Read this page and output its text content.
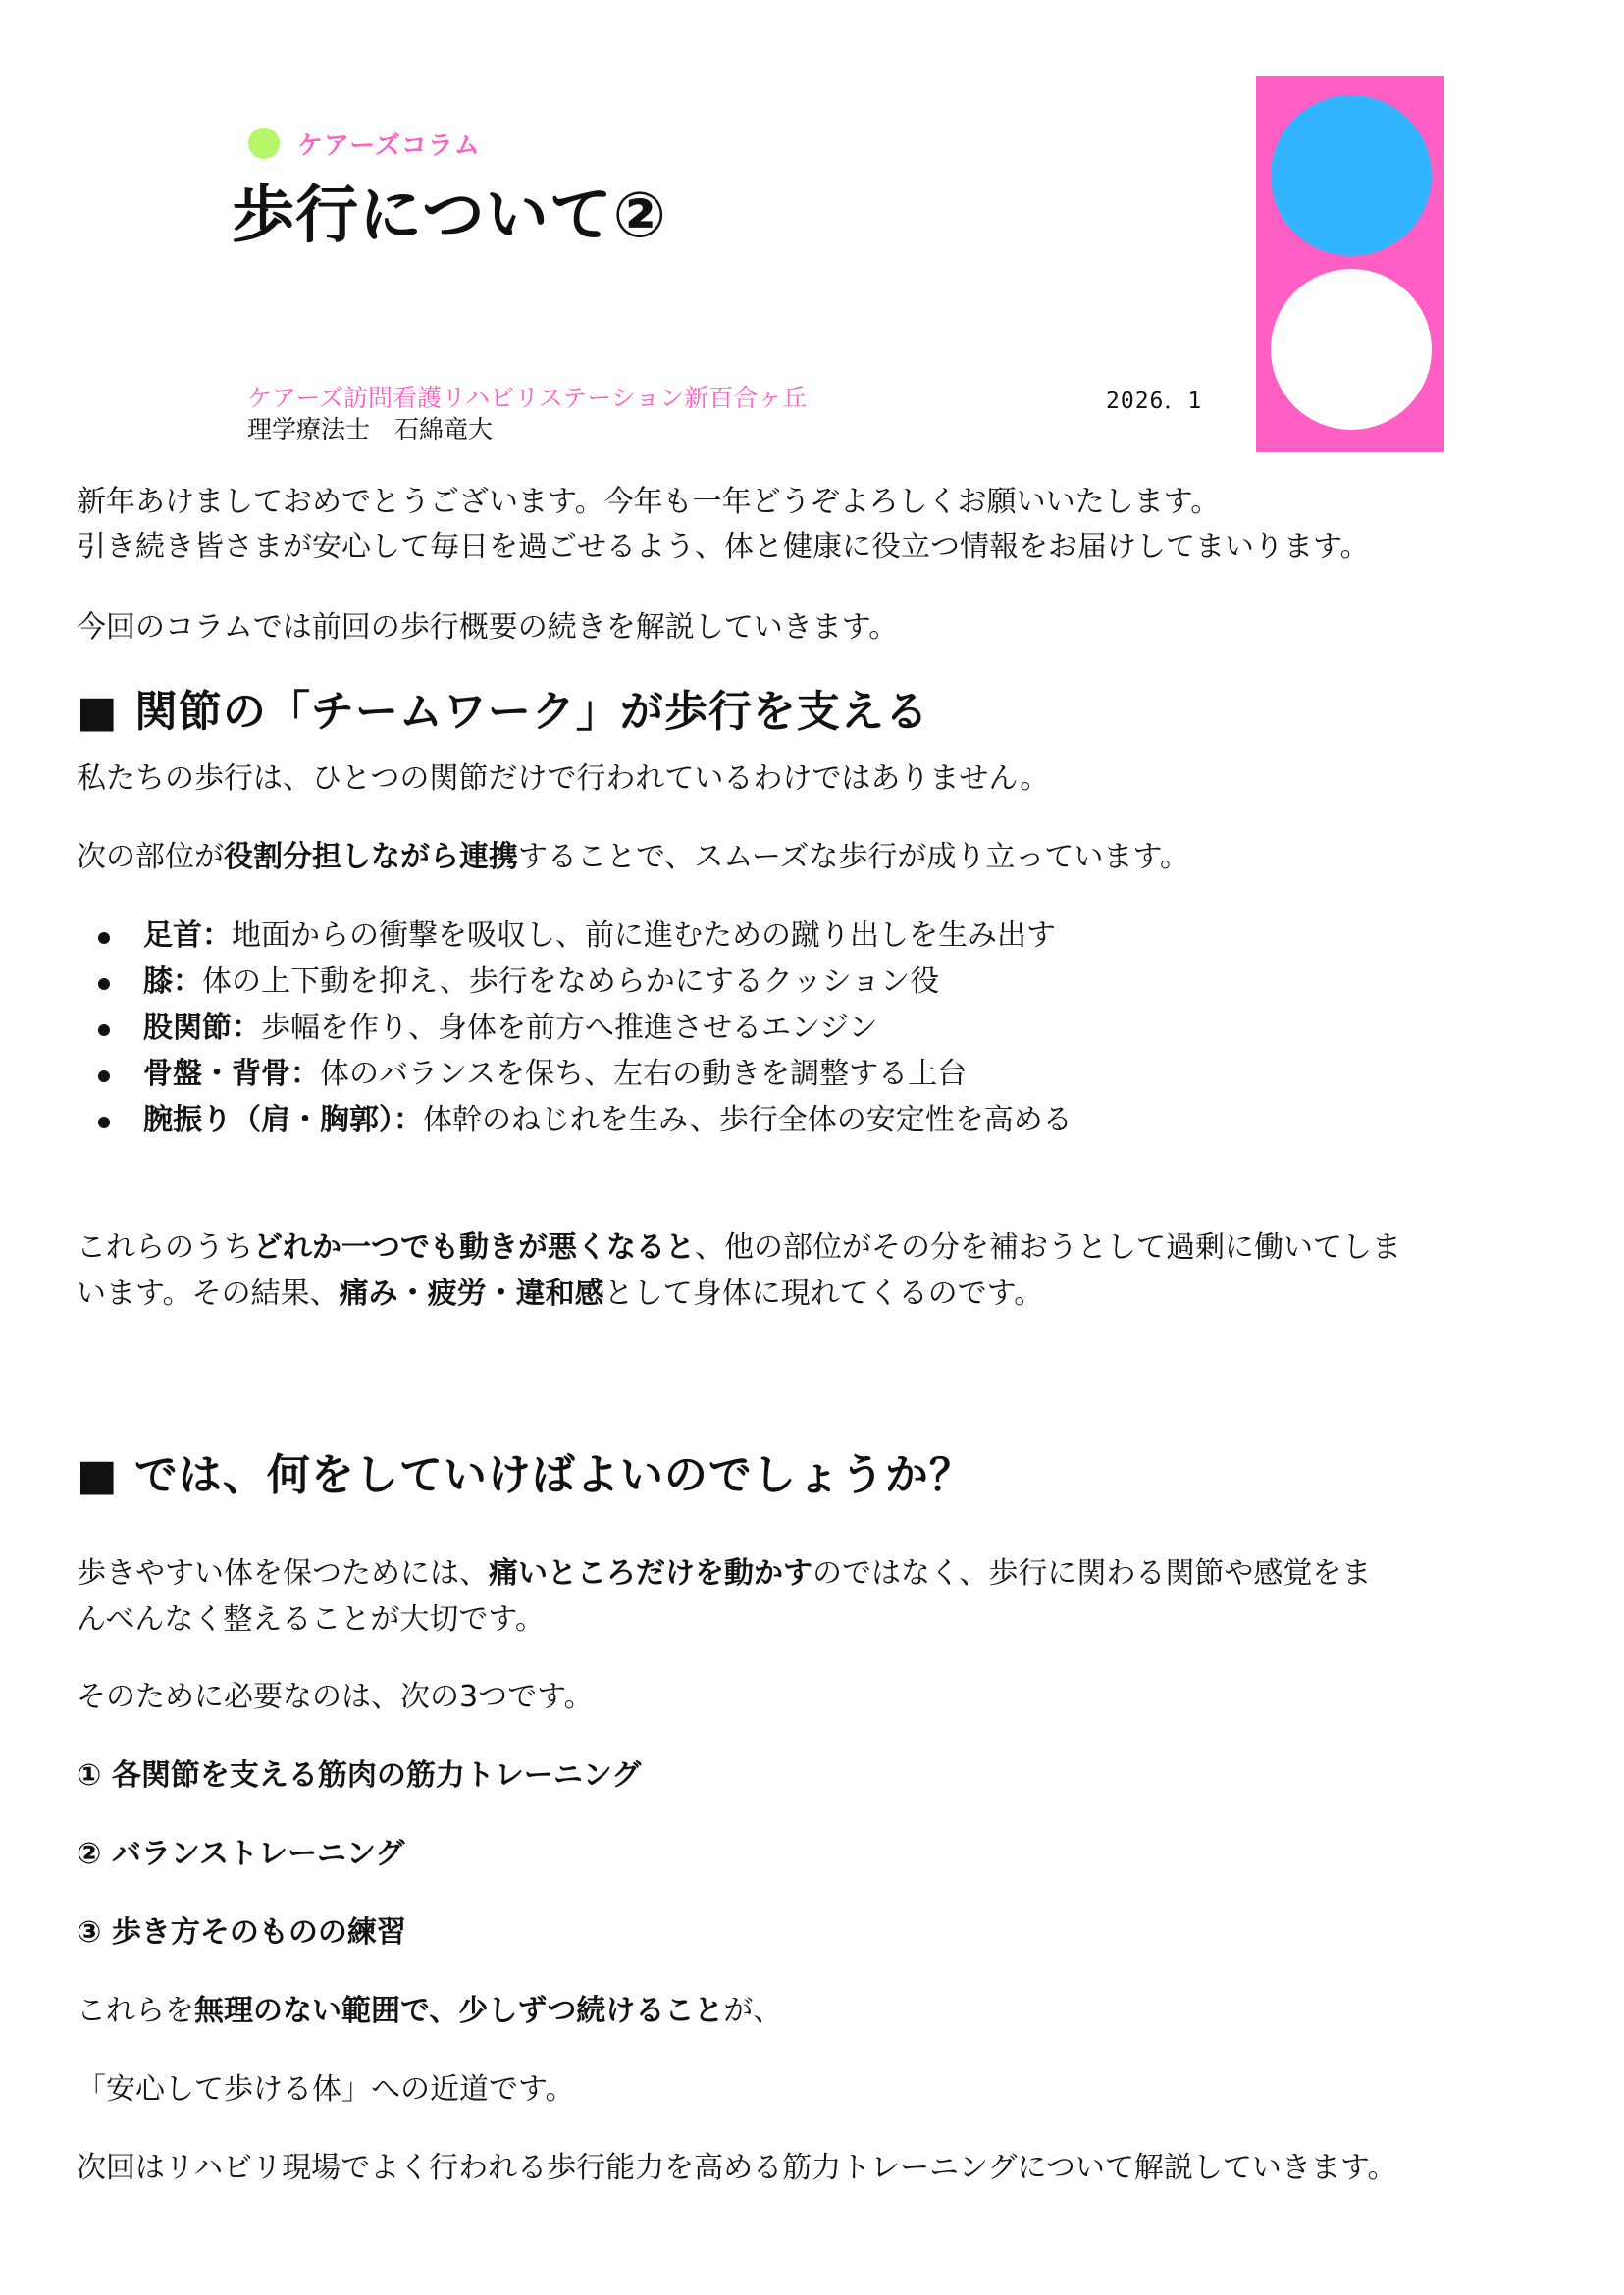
ケアーズコラム
歩行について②
ケアーズ訪問看護リハビリステーション新百合ヶ丘
理学療法士　石綿竜大
2026．1

新年あけましておめでとうございます。今年も一年どうぞよろしくお願いいたします。

引き続き皆さまが安心して毎日を過ごせるよう、体と健康に役立つ情報をお届けしてまいります。

今回のコラムでは前回の歩行概要の続きを解説していきます。

■ 関節の「チームワーク」が歩行を支える

私たちの歩行は、ひとつの関節だけで行われているわけではありません。

次の部位が役割分担しながら連携することで、スムーズな歩行が成り立っています。

足首：地面からの衝撃を吸収し、前に進むための蹴り出しを生み出す
膝：体の上下動を抑え、歩行をなめらかにするクッション役
股関節：歩幅を作り、身体を前方へ推進させるエンジン
骨盤・背骨：体のバランスを保ち、左右の動きを調整する土台
腕振り（肩・胸郭）：体幹のねじれを生み、歩行全体の安定性を高める

これらのうちどれか一つでも動きが悪くなると、他の部位がその分を補おうとして過剰に働いてしま
います。その結果、痛み・疲労・違和感として身体に現れてくるのです。

■ では、何をしていけばよいのでしょうか？

歩きやすい体を保つためには、痛いところだけを動かすのではなく、歩行に関わる関節や感覚をま
んべんなく整えることが大切です。

そのために必要なのは、次の3つです。

① 各関節を支える筋肉の筋力トレーニング

② バランストレーニング

③ 歩き方そのものの練習

これらを無理のない範囲で、少しずつ続けることが、

「安心して歩ける体」への近道です。

次回はリハビリ現場でよく行われる歩行能力を高める筋力トレーニングについて解説していきます。
